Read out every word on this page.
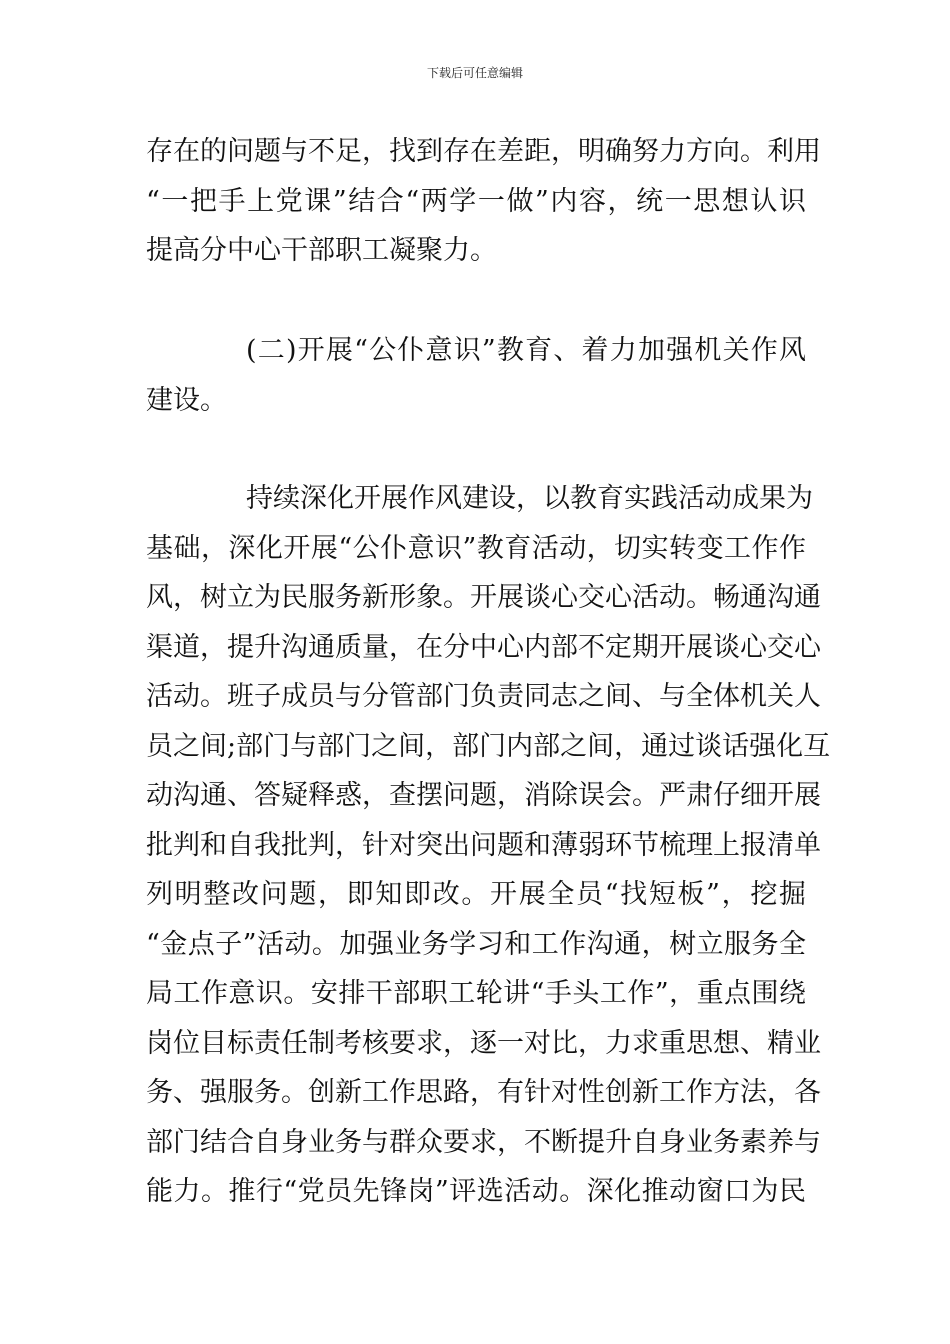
下载后可任意编辑
存在的问题与不足，找到存在差距，明确努力方向。利用
“一把手上党课”结合“两学一做”内容，统一思想认识
提高分中心干部职工凝聚力。
(二)开展“公仆意识”教育、着力加强机关作风
建设。
持续深化开展作风建设，以教育实践活动成果为
基础，深化开展“公仆意识”教育活动，切实转变工作作
风，树立为民服务新形象。开展谈心交心活动。畅通沟通
渠道，提升沟通质量，在分中心内部不定期开展谈心交心
活动。班子成员与分管部门负责同志之间、与全体机关人
员之间;部门与部门之间，部门内部之间，通过谈话强化互
动沟通、答疑释惑，查摆问题，消除误会。严肃仔细开展
批判和自我批判，针对突出问题和薄弱环节梳理上报清单
列明整改问题，即知即改。开展全员“找短板”，挖掘
“金点子”活动。加强业务学习和工作沟通，树立服务全
局工作意识。安排干部职工轮讲“手头工作”，重点围绕
岗位目标责任制考核要求，逐一对比，力求重思想、精业
务、强服务。创新工作思路，有针对性创新工作方法，各
部门结合自身业务与群众要求，不断提升自身业务素养与
能力。推行“党员先锋岗”评选活动。深化推动窗口为民
